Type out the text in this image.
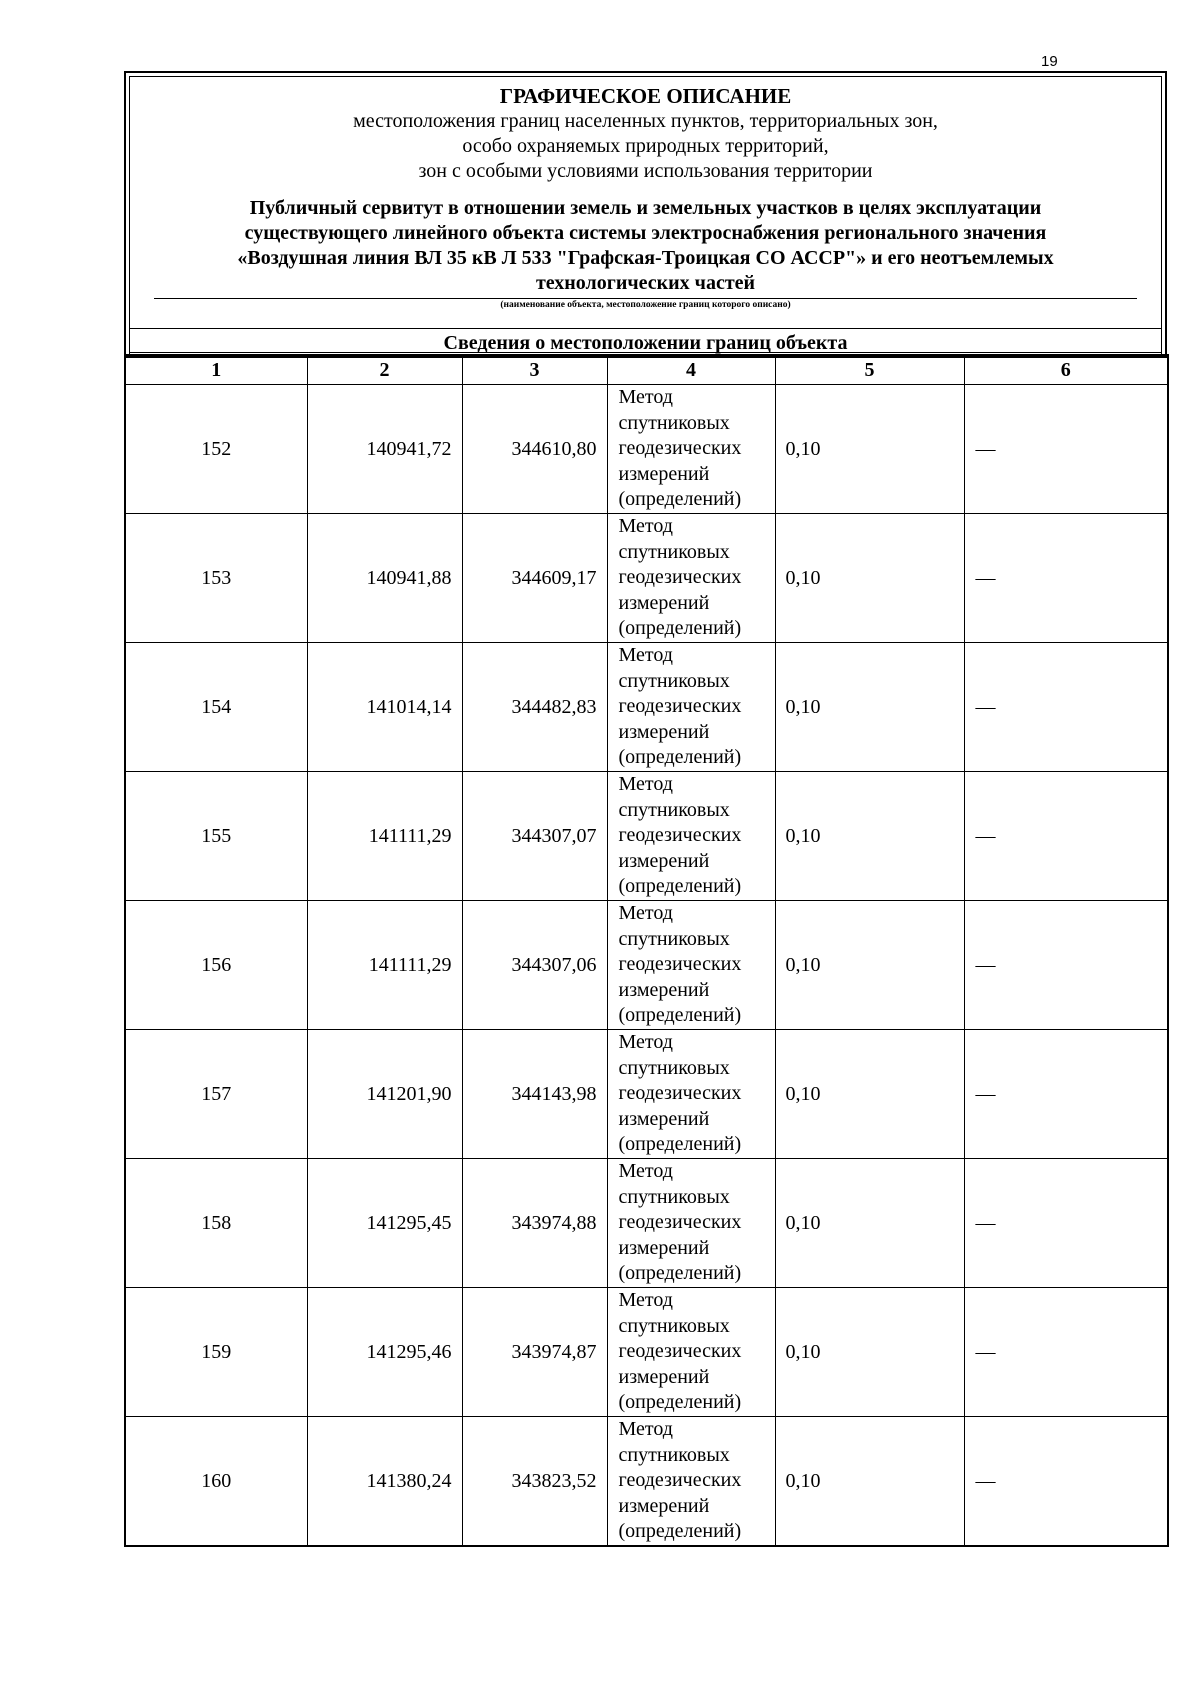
19
ГРАФИЧЕСКОЕ ОПИСАНИЕ
местоположения границ населенных пунктов, территориальных зон,
особо охраняемых природных территорий,
зон с особыми условиями использования территории
Публичный сервитут в отношении земель и земельных участков в целях эксплуатации
существующего линейного объекта системы электроснабжения регионального значения
«Воздушная линия ВЛ 35 кВ Л 533 "Графская-Троицкая СО АССР"» и его неотъемлемых
технологических частей
(наименование объекта, местоположение границ которого описано)
Сведения о местоположении границ объекта
1	2	3	4	5	6
152	140941,72	344610,80	Метод
спутниковых
геодезических
измерений
(определений)	0,10	—
153	140941,88	344609,17	Метод
спутниковых
геодезических
измерений
(определений)	0,10	—
154	141014,14	344482,83	Метод
спутниковых
геодезических
измерений
(определений)	0,10	—
155	141111,29	344307,07	Метод
спутниковых
геодезических
измерений
(определений)	0,10	—
156	141111,29	344307,06	Метод
спутниковых
геодезических
измерений
(определений)	0,10	—
157	141201,90	344143,98	Метод
спутниковых
геодезических
измерений
(определений)	0,10	—
158	141295,45	343974,88	Метод
спутниковых
геодезических
измерений
(определений)	0,10	—
159	141295,46	343974,87	Метод
спутниковых
геодезических
измерений
(определений)	0,10	—
160	141380,24	343823,52	Метод
спутниковых
геодезических
измерений
(определений)	0,10	—
